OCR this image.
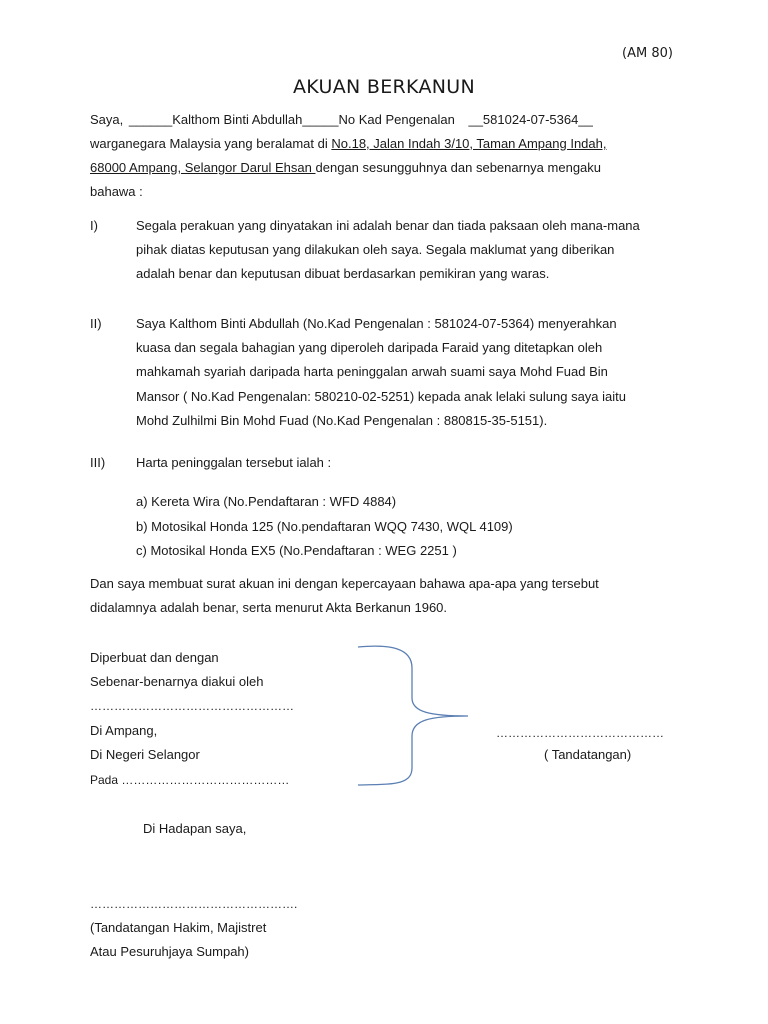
(AM 80)
AKUAN BERKANUN
Saya, ______Kalthom Binti Abdullah_____No Kad Pengenalan __581024-07-5364__
warganegara Malaysia yang beralamat di No.18, Jalan Indah 3/10, Taman Ampang Indah,
68000 Ampang, Selangor Darul Ehsan dengan sesungguhnya dan sebenarnya mengaku
bahawa :
I)	Segala perakuan yang dinyatakan ini adalah benar dan tiada paksaan oleh mana-mana
pihak diatas keputusan yang dilakukan oleh saya. Segala maklumat yang diberikan
adalah benar dan keputusan dibuat berdasarkan pemikiran yang waras.
II)	Saya Kalthom Binti Abdullah (No.Kad Pengenalan : 581024-07-5364) menyerahkan
kuasa dan segala bahagian yang diperoleh daripada Faraid yang ditetapkan oleh
mahkamah syariah daripada harta peninggalan arwah suami saya Mohd Fuad Bin
Mansor ( No.Kad Pengenalan: 580210-02-5251) kepada anak lelaki sulung saya iaitu
Mohd Zulhilmi Bin Mohd Fuad (No.Kad Pengenalan : 880815-35-5151).
III) Harta peninggalan tersebut ialah :
a) Kereta Wira (No.Pendaftaran : WFD 4884)
b) Motosikal Honda 125 (No.pendaftaran WQQ 7430, WQL 4109)
c) Motosikal Honda EX5 (No.Pendaftaran : WEG 2251 )
Dan saya membuat surat akuan ini dengan kepercayaan bahawa apa-apa yang tersebut
didalamnya adalah benar, serta menurut Akta Berkanun 1960.
Diperbuat dan dengan
Sebenar-benarnya diakui oleh
……………………………………………
Di Ampang,
Di Negeri Selangor
Pada ……………………………………
……………………………………
( Tandatangan)
Di Hadapan saya,
…………………………………………….
(Tandatangan Hakim, Majistret
Atau Pesuruhjaya Sumpah)
